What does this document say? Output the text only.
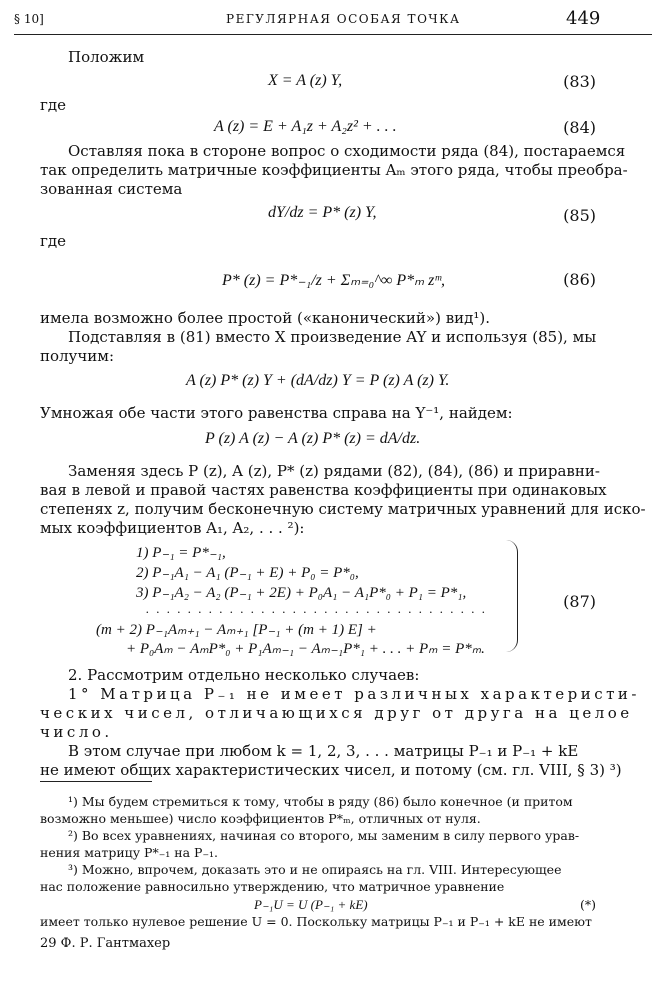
§ 10]	РЕГУЛЯРНАЯ ОСОБАЯ ТОЧКА	449
Положим
X = A (z) Y,	(83)
где
A (z) = E + A₁z + A₂z² + . . .	(84)
Оставляя пока в стороне вопрос о сходимости ряда (84), постараемся
так определить матричные коэффициенты Aₘ этого ряда, чтобы преобра-
зованная система
dY/dz = P* (z) Y,	(85)
где
P* (z) = P*₋₁/z + Σₘ₌₀^∞ P*ₘ zᵐ,	(86)
имела возможно более простой («канонический») вид¹).
Подставляя в (81) вместо X произведение AY и используя (85), мы
получим:
A (z) P* (z) Y + (dA/dz) Y = P (z) A (z) Y.
Умножая обе части этого равенства справа на Y⁻¹, найдем:
P (z) A (z) − A (z) P* (z) = dA/dz.
Заменяя здесь P (z), A (z), P* (z) рядами (82), (84), (86) и приравни-
вая в левой и правой частях равенства коэффициенты при одинаковых
степенях z, получим бесконечную систему матричных уравнений для иско-
мых коэффициентов A₁, A₂, . . . ²):
1) P₋₁ = P*₋₁,
2) P₋₁A₁ − A₁ (P₋₁ + E) + P₀ = P*₀,
3) P₋₁A₂ − A₂ (P₋₁ + 2E) + P₀A₁ − A₁P*₀ + P₁ = P*₁,
. . . . . . . . . . . . . . . . . . . . . . . . . . . . . . . . .
(m + 2) P₋₁Aₘ₊₁ − Aₘ₊₁ [P₋₁ + (m + 1) E] +
+ P₀Aₘ − AₘP*₀ + P₁Aₘ₋₁ − Aₘ₋₁P*₁ + . . . + Pₘ = P*ₘ.
(87)
2. Рассмотрим отдельно несколько случаев:
1° Матрица P₋₁ не имеет различных характеристи-
ческих чисел, отличающихся друг от друга на целое
число.
В этом случае при любом k = 1, 2, 3, . . . матрицы P₋₁ и P₋₁ + kE
не имеют общих характеристических чисел, и потому (см. гл. VIII, § 3) ³)
¹) Мы будем стремиться к тому, чтобы в ряду (86) было конечное (и притом
возможно меньшее) число коэффициентов P*ₘ, отличных от нуля.
²) Во всех уравнениях, начиная со второго, мы заменим в силу первого урав-
нения матрицу P*₋₁ на P₋₁.
³) Можно, впрочем, доказать это и не опираясь на гл. VIII. Интересующее
нас положение равносильно утверждению, что матричное уравнение
P₋₁U = U (P₋₁ + kE)	(*)
имеет только нулевое решение U = 0. Поскольку матрицы P₋₁ и P₋₁ + kE не имеют
29 Ф. Р. Гантмахер
